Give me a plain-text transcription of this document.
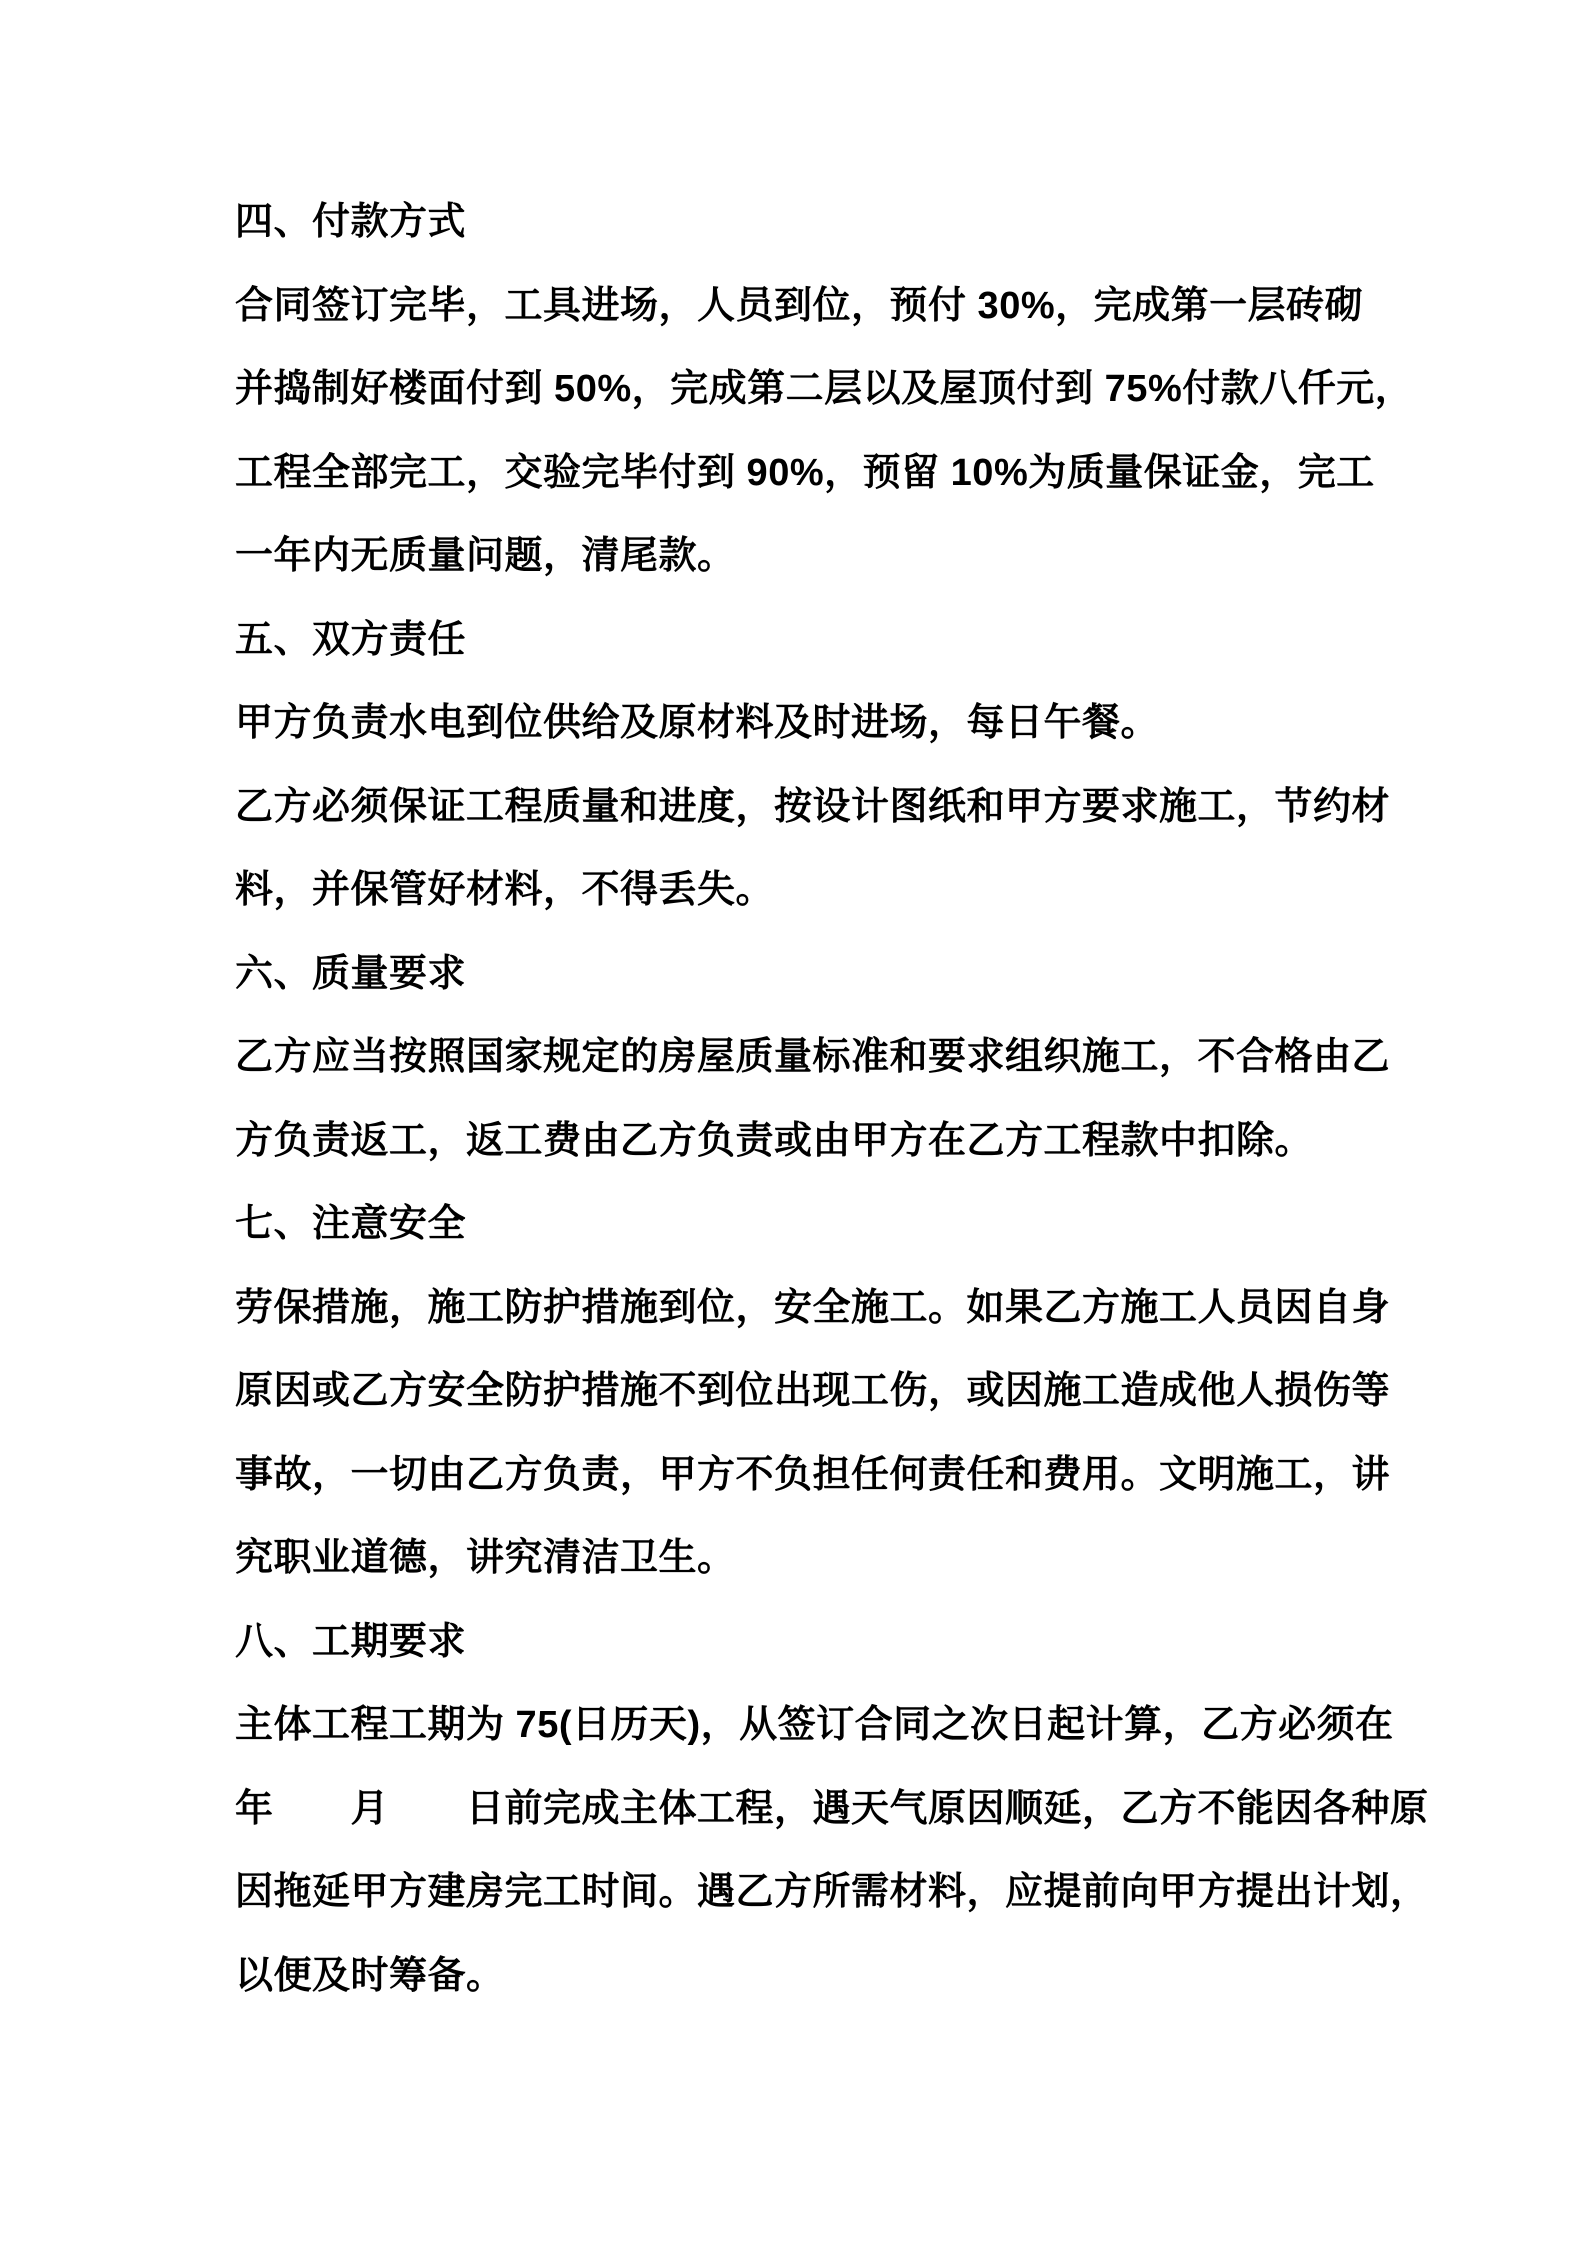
四、付款方式
合同签订完毕，工具进场，人员到位，预付 30%，完成第一层砖砌
并捣制好楼面付到 50%，完成第二层以及屋顶付到 75%付款八仟元，
工程全部完工，交验完毕付到 90%，预留 10%为质量保证金，完工
一年内无质量问题，清尾款。
五、双方责任
甲方负责水电到位供给及原材料及时进场，每日午餐。
乙方必须保证工程质量和进度，按设计图纸和甲方要求施工，节约材
料，并保管好材料，不得丢失。
六、质量要求
乙方应当按照国家规定的房屋质量标准和要求组织施工，不合格由乙
方负责返工，返工费由乙方负责或由甲方在乙方工程款中扣除。
七、注意安全
劳保措施，施工防护措施到位，安全施工。如果乙方施工人员因自身
原因或乙方安全防护措施不到位出现工伤，或因施工造成他人损伤等
事故，一切由乙方负责，甲方不负担任何责任和费用。文明施工，讲
究职业道德，讲究清洁卫生。
八、工期要求
主体工程工期为 75(日历天)，从签订合同之次日起计算，乙方必须在
年　　月　　日前完成主体工程，遇天气原因顺延，乙方不能因各种原
因拖延甲方建房完工时间。遇乙方所需材料，应提前向甲方提出计划，
以便及时筹备。
